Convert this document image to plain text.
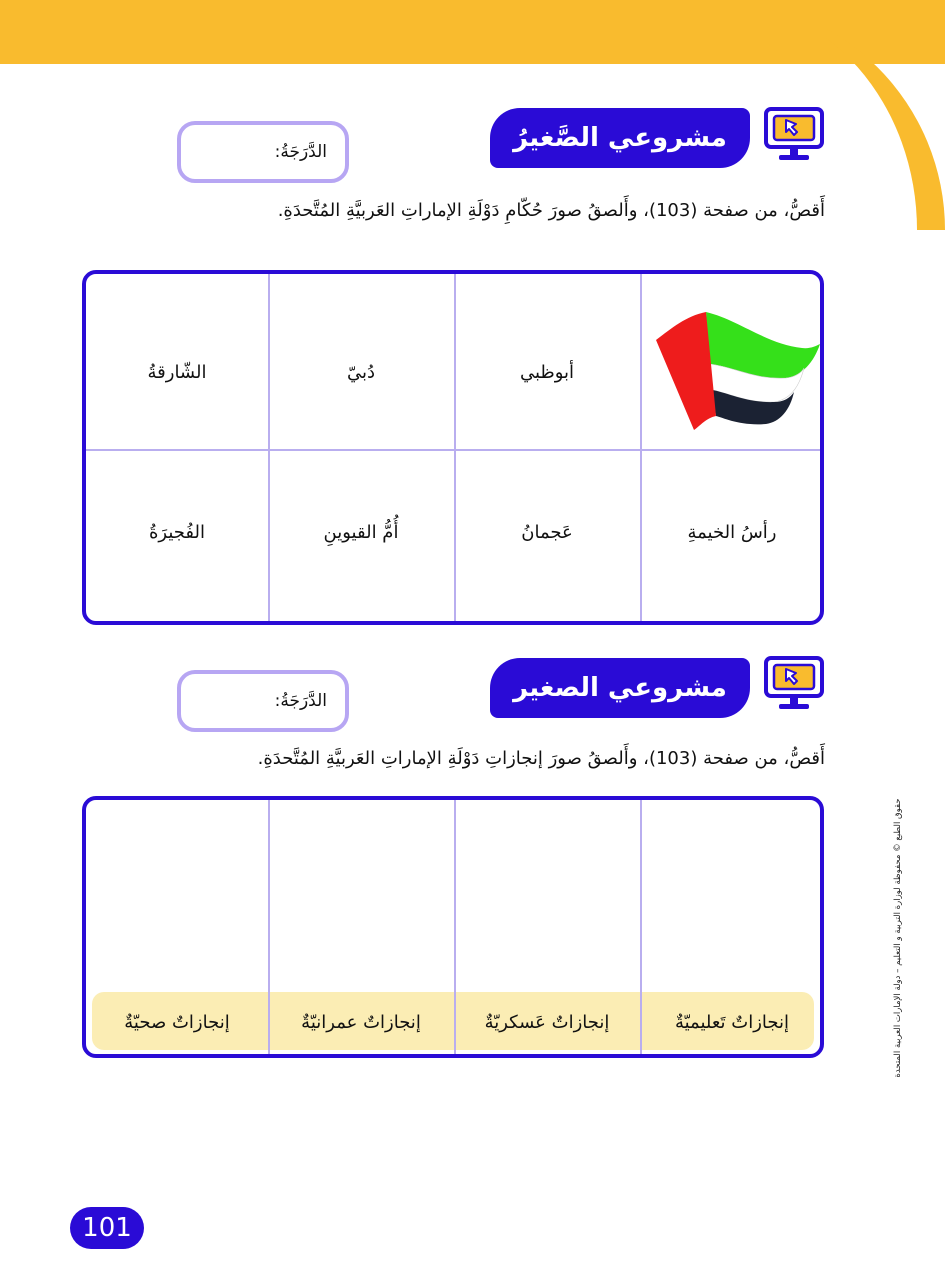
مشروعي الصَّغيرُ
الدَّرَجَةُ:
أَقصُّ، من صفحة (103)، وأَلصقُ صورَ حُكّامِ دَوْلَةِ الإماراتِ العَربيَّةِ المُتَّحدَةِ.
أبوظبي
دُبيّ
الشّارقةُ
رأسُ الخيمةِ
عَجمانُ
أُمُّ القيوينِ
الفُجيرَةُ
مشروعي الصغير
الدَّرَجَةُ:
أَقصُّ، من صفحة (103)، وأَلصقُ صورَ إنجازاتِ دَوْلَةِ الإماراتِ العَربيَّةِ المُتَّحدَةِ.
إنجازاتٌ تَعليميّةٌ
إنجازاتٌ عَسكريّةٌ
إنجازاتٌ عمرانيّةٌ
إنجازاتٌ صحيّةٌ	حقوق الطبع © محفوظة لوزارة التربية و التعليم – دولة الإمارات العربية المتحدة
101
